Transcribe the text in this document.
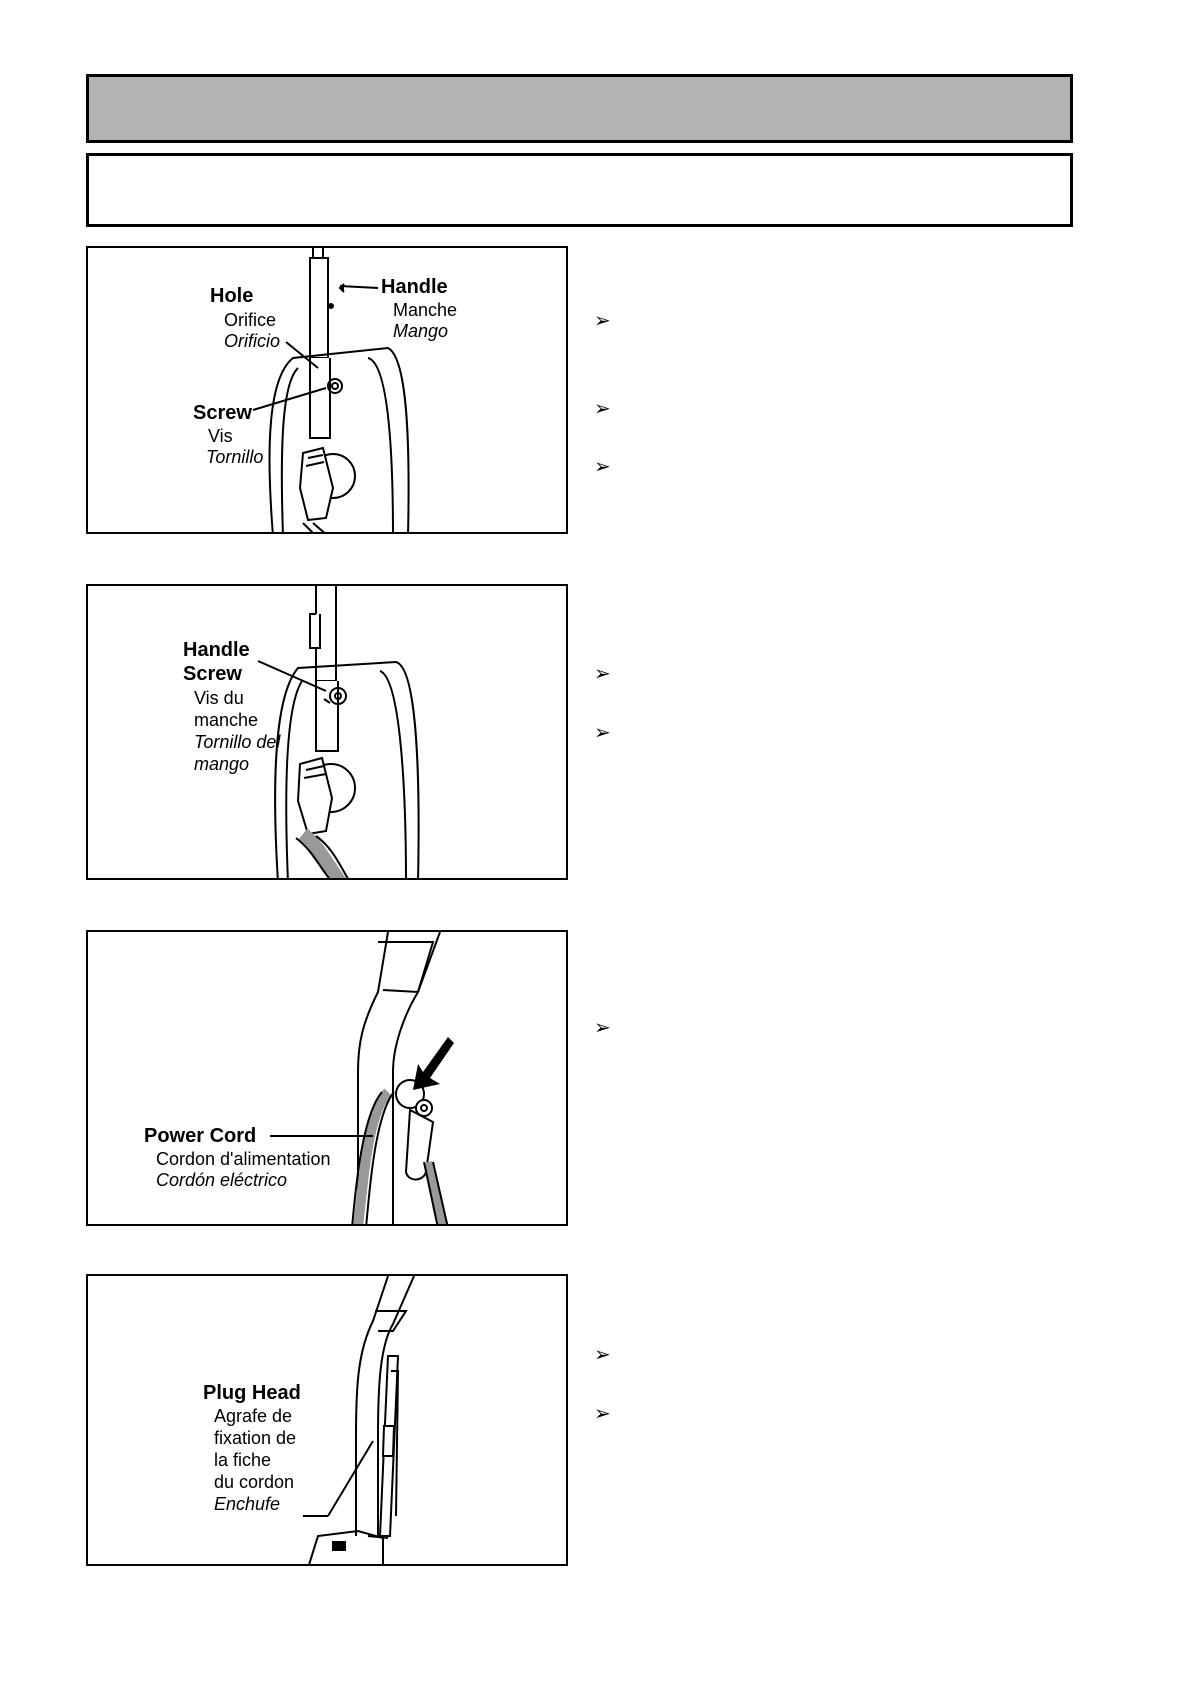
Hole
Orifice
Orificio
Handle
Manche
Mango
Screw
Vis
Tornillo
Handle
Screw
Vis du
manche
Tornillo del
mango
Power Cord
Cordon d'alimentation
Cordón eléctrico
Plug Head
Agrafe de
fixation de
la fiche
du cordon
Enchufe
➢
➢
➢
➢
➢
➢
➢
➢
